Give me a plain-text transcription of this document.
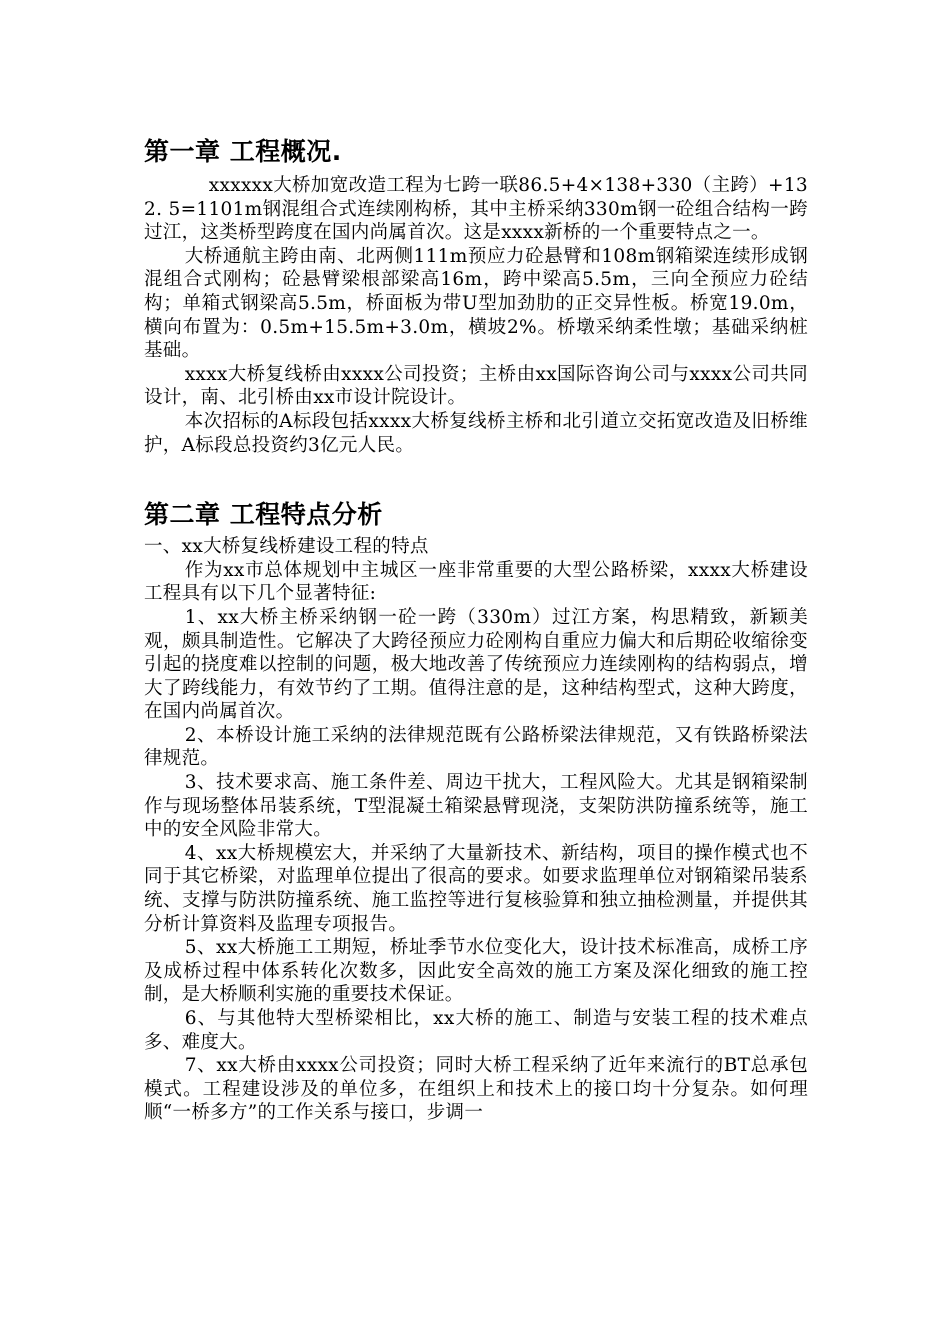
第一章 工程概况.

xxxxxx大桥加宽改造工程为七跨一联86.5+4×138+330（主跨）+132. 5=1101m钢混组合式连续刚构桥，其中主桥采纳330m钢一砼组合结构一跨过江，这类桥型跨度在国内尚属首次。这是xxxx新桥的一个重要特点之一。

大桥通航主跨由南、北两侧111m预应力砼悬臂和108m钢箱梁连续形成钢混组合式刚构；砼悬臂梁根部梁高16m，跨中梁高5.5m，三向全预应力砼结构；单箱式钢梁高5.5m，桥面板为带U型加劲肋的正交异性板。桥宽19.0m，横向布置为：0.5m+15.5m+3.0m，横坡2%。桥墩采纳柔性墩；基础采纳桩基础。

xxxx大桥复线桥由xxxx公司投资；主桥由xx国际咨询公司与xxxx公司共同设计，南、北引桥由xx市设计院设计。

本次招标的A标段包括xxxx大桥复线桥主桥和北引道立交拓宽改造及旧桥维护，A标段总投资约3亿元人民。

第二章 工程特点分析

一、xx大桥复线桥建设工程的特点

作为xx市总体规划中主城区一座非常重要的大型公路桥梁，xxxx大桥建设工程具有以下几个显著特征:

1、xx大桥主桥采纳钢一砼一跨（330m）过江方案，构思精致，新颖美观，颇具制造性。它解决了大跨径预应力砼刚构自重应力偏大和后期砼收缩徐变引起的挠度难以控制的问题，极大地改善了传统预应力连续刚构的结构弱点，增大了跨线能力，有效节约了工期。值得注意的是，这种结构型式，这种大跨度，在国内尚属首次。

2、本桥设计施工采纳的法律规范既有公路桥梁法律规范，又有铁路桥梁法律规范。

3、技术要求高、施工条件差、周边干扰大，工程风险大。尤其是钢箱梁制作与现场整体吊装系统，T型混凝土箱梁悬臂现浇，支架防洪防撞系统等，施工中的安全风险非常大。

4、xx大桥规模宏大，并采纳了大量新技术、新结构，项目的操作模式也不同于其它桥梁，对监理单位提出了很高的要求。如要求监理单位对钢箱梁吊装系统、支撑与防洪防撞系统、施工监控等进行复核验算和独立抽检测量，并提供其分析计算资料及监理专项报告。

5、xx大桥施工工期短，桥址季节水位变化大，设计技术标准高，成桥工序及成桥过程中体系转化次数多，因此安全高效的施工方案及深化细致的施工控制，是大桥顺利实施的重要技术保证。

6、与其他特大型桥梁相比，xx大桥的施工、制造与安装工程的技术难点多、难度大。

7、xx大桥由xxxx公司投资；同时大桥工程采纳了近年来流行的BT总承包模式。工程建设涉及的单位多，在组织上和技术上的接口均十分复杂。如何理顺“一桥多方”的工作关系与接口，步调一
